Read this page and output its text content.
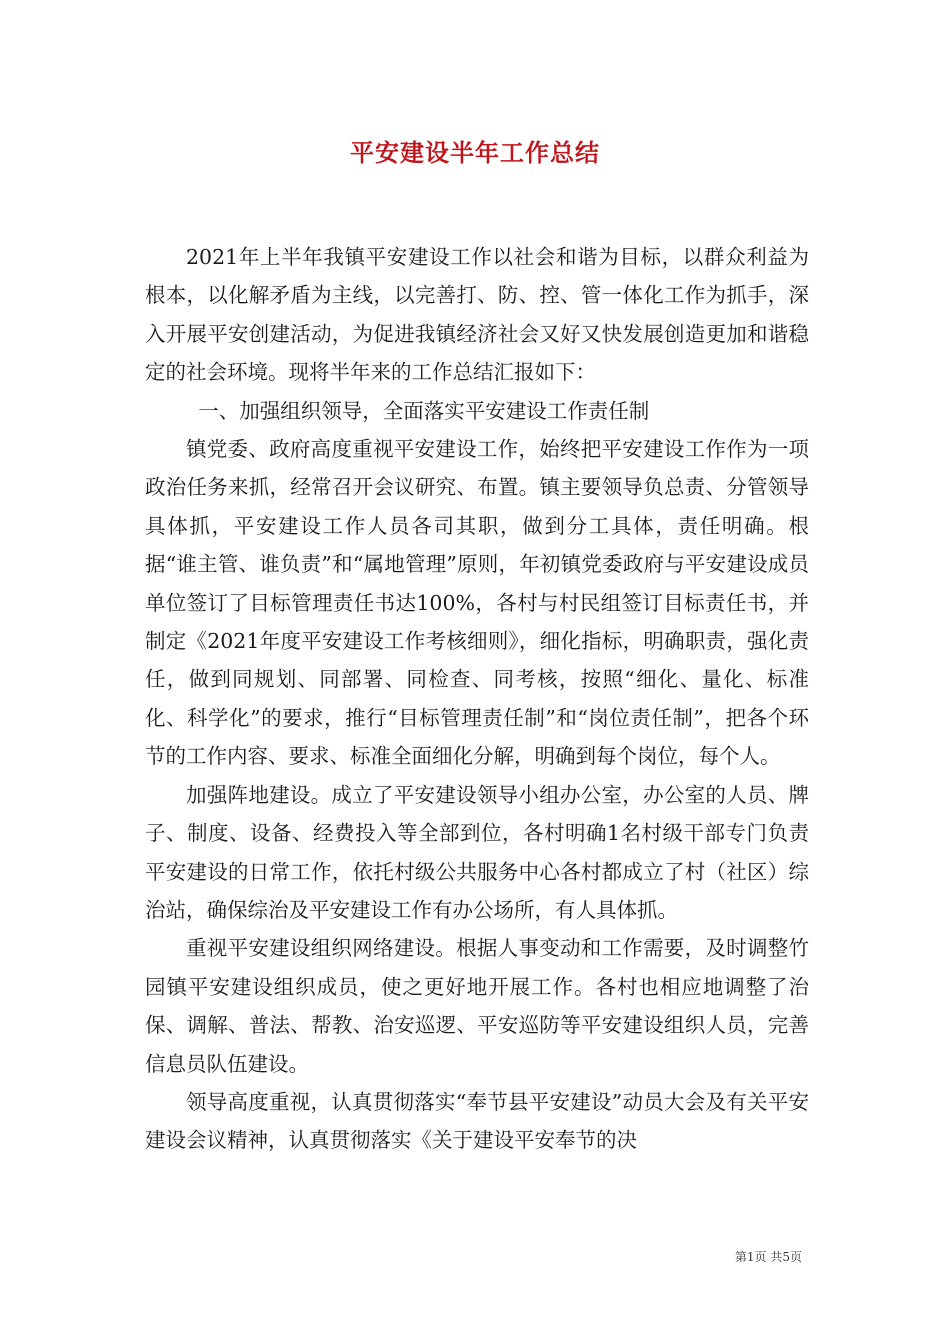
平安建设半年工作总结

2021年上半年我镇平安建设工作以社会和谐为目标，以群众利益为根本，以化解矛盾为主线，以完善打、防、控、管一体化工作为抓手，深入开展平安创建活动，为促进我镇经济社会又好又快发展创造更加和谐稳定的社会环境。现将半年来的工作总结汇报如下：

一、加强组织领导，全面落实平安建设工作责任制

镇党委、政府高度重视平安建设工作，始终把平安建设工作作为一项政治任务来抓，经常召开会议研究、布置。镇主要领导负总责、分管领导具体抓，平安建设工作人员各司其职，做到分工具体，责任明确。根据“谁主管、谁负责”和“属地管理”原则，年初镇党委政府与平安建设成员单位签订了目标管理责任书达100%，各村与村民组签订目标责任书，并制定《2021年度平安建设工作考核细则》，细化指标，明确职责，强化责任，做到同规划、同部署、同检查、同考核，按照“细化、量化、标准化、科学化”的要求，推行“目标管理责任制”和“岗位责任制”，把各个环节的工作内容、要求、标准全面细化分解，明确到每个岗位，每个人。

加强阵地建设。成立了平安建设领导小组办公室，办公室的人员、牌子、制度、设备、经费投入等全部到位，各村明确1名村级干部专门负责平安建设的日常工作，依托村级公共服务中心各村都成立了村（社区）综治站，确保综治及平安建设工作有办公场所，有人具体抓。

重视平安建设组织网络建设。根据人事变动和工作需要，及时调整竹园镇平安建设组织成员，使之更好地开展工作。各村也相应地调整了治保、调解、普法、帮教、治安巡逻、平安巡防等平安建设组织人员，完善信息员队伍建设。

领导高度重视，认真贯彻落实“奉节县平安建设”动员大会及有关平安建设会议精神，认真贯彻落实《关于建设平安奉节的决

第1页 共5页
